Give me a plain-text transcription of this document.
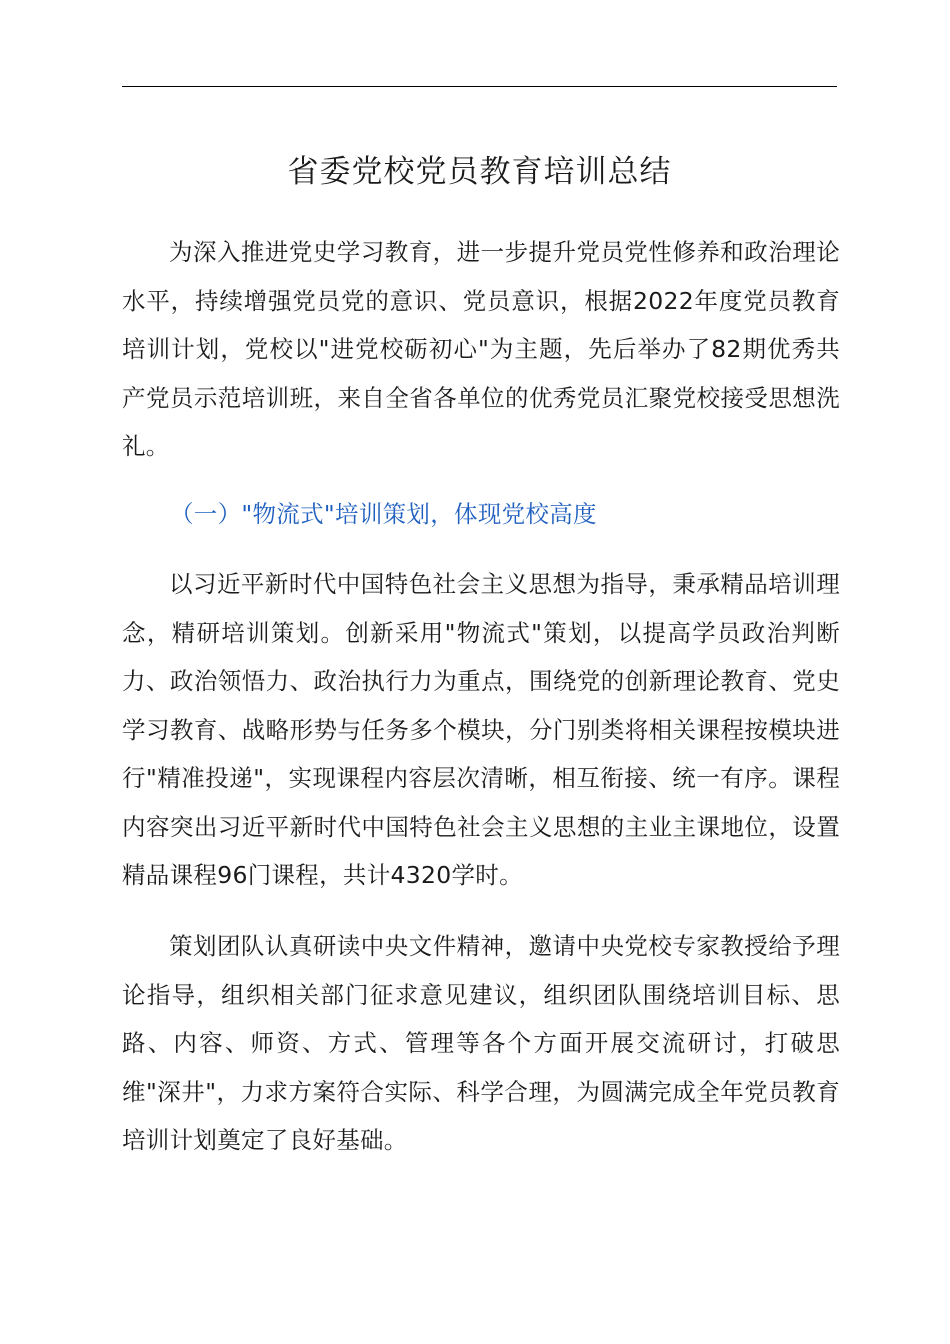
省委党校党员教育培训总结

为深入推进党史学习教育，进一步提升党员党性修养和政治理论水平，持续增强党员党的意识、党员意识，根据2022年度党员教育培训计划，党校以"进党校砺初心"为主题，先后举办了82期优秀共产党员示范培训班，来自全省各单位的优秀党员汇聚党校接受思想洗礼。

（一）"物流式"培训策划，体现党校高度

以习近平新时代中国特色社会主义思想为指导，秉承精品培训理念，精研培训策划。创新采用"物流式"策划，以提高学员政治判断力、政治领悟力、政治执行力为重点，围绕党的创新理论教育、党史学习教育、战略形势与任务多个模块，分门别类将相关课程按模块进行"精准投递"，实现课程内容层次清晰，相互衔接、统一有序。课程内容突出习近平新时代中国特色社会主义思想的主业主课地位，设置精品课程96门课程，共计4320学时。

策划团队认真研读中央文件精神，邀请中央党校专家教授给予理论指导，组织相关部门征求意见建议，组织团队围绕培训目标、思路、内容、师资、方式、管理等各个方面开展交流研讨，打破思维"深井"，力求方案符合实际、科学合理，为圆满完成全年党员教育培训计划奠定了良好基础。
